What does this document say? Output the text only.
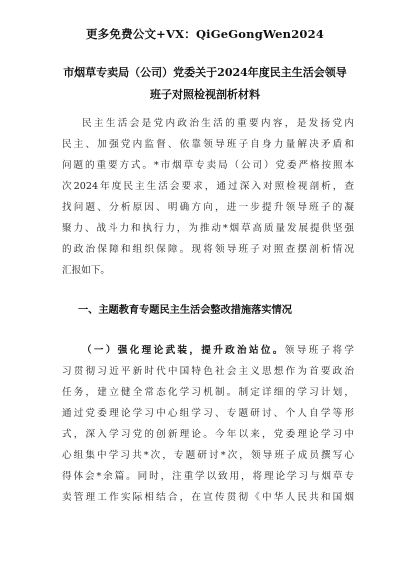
更多免费公文+VX：QiGeGongWen2024
市烟草专卖局（公司）党委关于2024年度民主生活会领导
班子对照检视剖析材料
民主生活会是党内政治生活的重要内容，是发扬党内
民主、加强党内监督、依靠领导班子自身力量解决矛盾和
问题的重要方式。*市烟草专卖局（公司）党委严格按照本
次2024年度民主生活会要求，通过深入对照检视剖析，查
找问题、分析原因、明确方向，进一步提升领导班子的凝
聚力、战斗力和执行力，为推动*烟草高质量发展提供坚强
的政治保障和组织保障。现将领导班子对照查摆剖析情况
汇报如下。
一、主题教育专题民主生活会整改措施落实情况
（一）强化理论武装，提升政治站位。领导班子将学
习贯彻习近平新时代中国特色社会主义思想作为首要政治
任务，建立健全常态化学习机制。制定详细的学习计划，
通过党委理论学习中心组学习、专题研讨、个人自学等形
式，深入学习党的创新理论。今年以来，党委理论学习中
心组集中学习共*次，专题研讨*次，领导班子成员撰写心
得体会*余篇。同时，注重学以致用，将理论学习与烟草专
卖管理工作实际相结合，在宣传贯彻《中华人民共和国烟
